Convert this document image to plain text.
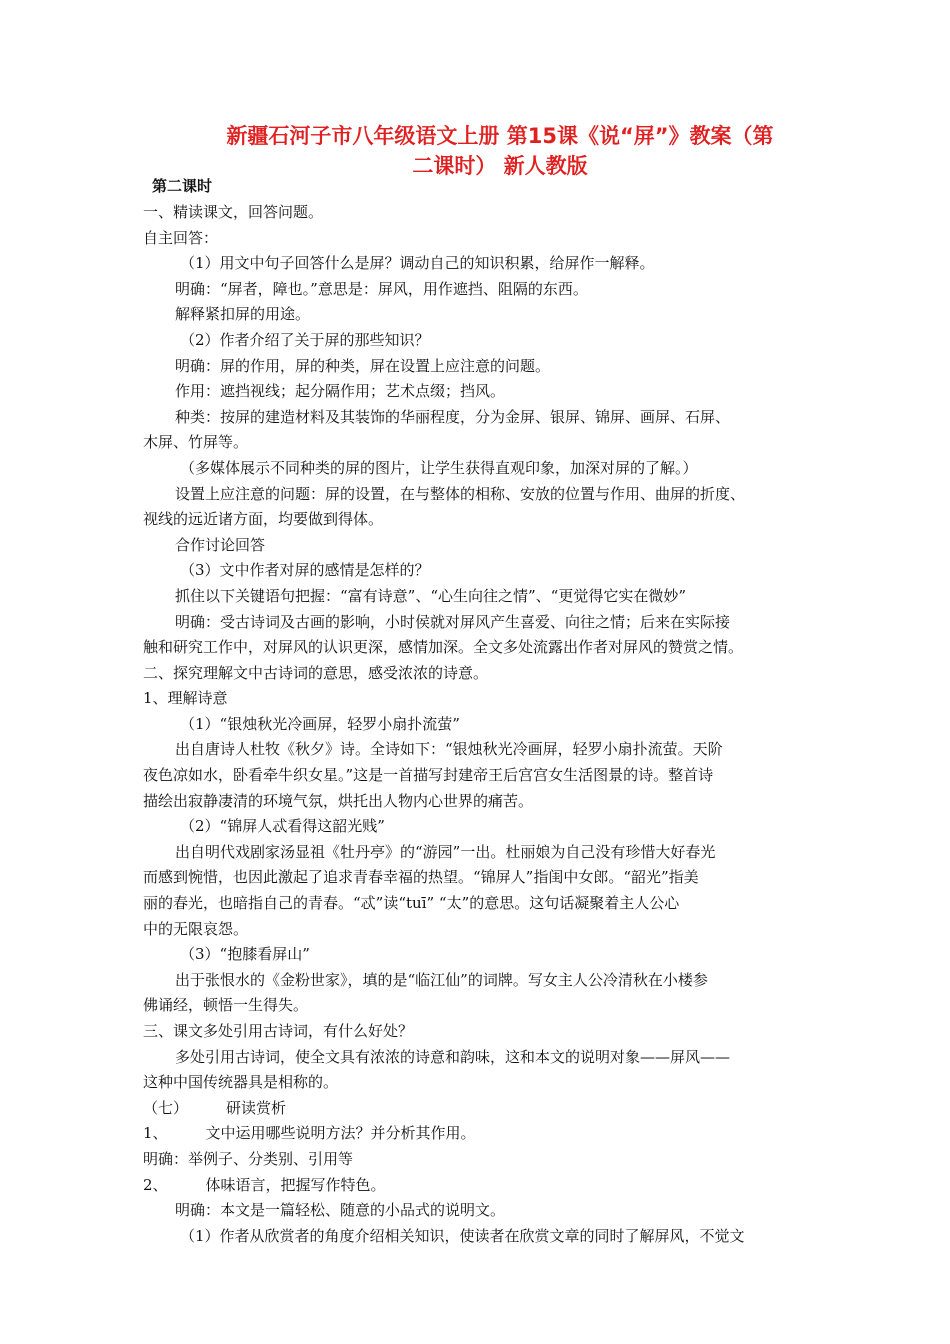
新疆石河子市八年级语文上册 第15课《说“屏”》教案（第
二课时） 新人教版
第二课时
一、精读课文，回答问题。
自主回答：
（1）用文中句子回答什么是屏？调动自己的知识积累，给屏作一解释。
明确：“屏者，障也。”意思是：屏风，用作遮挡、阻隔的东西。
解释紧扣屏的用途。
（2）作者介绍了关于屏的那些知识？
明确：屏的作用，屏的种类，屏在设置上应注意的问题。
作用：遮挡视线；起分隔作用；艺术点缀；挡风。
种类：按屏的建造材料及其装饰的华丽程度，分为金屏、银屏、锦屏、画屏、石屏、
木屏、竹屏等。
（多媒体展示不同种类的屏的图片，让学生获得直观印象，加深对屏的了解。）
设置上应注意的问题：屏的设置，在与整体的相称、安放的位置与作用、曲屏的折度、
视线的远近诸方面，均要做到得体。
合作讨论回答
（3）文中作者对屏的感情是怎样的？
抓住以下关键语句把握：“富有诗意”、“心生向往之情”、“更觉得它实在微妙”
明确：受古诗词及古画的影响，小时侯就对屏风产生喜爱、向往之情；后来在实际接
触和研究工作中，对屏风的认识更深，感情加深。全文多处流露出作者对屏风的赞赏之情。
二、探究理解文中古诗词的意思，感受浓浓的诗意。
1、理解诗意
（1）“银烛秋光冷画屏，轻罗小扇扑流萤”
出自唐诗人杜牧《秋夕》诗。全诗如下：“银烛秋光冷画屏，轻罗小扇扑流萤。天阶
夜色凉如水，卧看牵牛织女星。”这是一首描写封建帝王后宫宫女生活图景的诗。整首诗
描绘出寂静凄清的环境气氛，烘托出人物内心世界的痛苦。
（2）“锦屏人忒看得这韶光贱”
出自明代戏剧家汤显祖《牡丹亭》的“游园”一出。杜丽娘为自己没有珍惜大好春光
而感到惋惜，也因此激起了追求青春幸福的热望。“锦屏人”指闺中女郎。“韶光”指美
丽的春光，也暗指自己的青春。“忒”读“tuī” “太”的意思。这句话凝聚着主人公心
中的无限哀怨。
（3）“抱膝看屏山”
出于张恨水的《金粉世家》，填的是“临江仙”的词牌。写女主人公冷清秋在小楼参
佛诵经，顿悟一生得失。
三、课文多处引用古诗词，有什么好处？
多处引用古诗词，使全文具有浓浓的诗意和韵味，这和本文的说明对象——屏风——
这种中国传统器具是相称的。
（七）	研读赏析
1、	文中运用哪些说明方法？并分析其作用。
明确：举例子、分类别、引用等
2、	体味语言，把握写作特色。
明确：本文是一篇轻松、随意的小品式的说明文。
（1）作者从欣赏者的角度介绍相关知识，使读者在欣赏文章的同时了解屏风，不觉文
